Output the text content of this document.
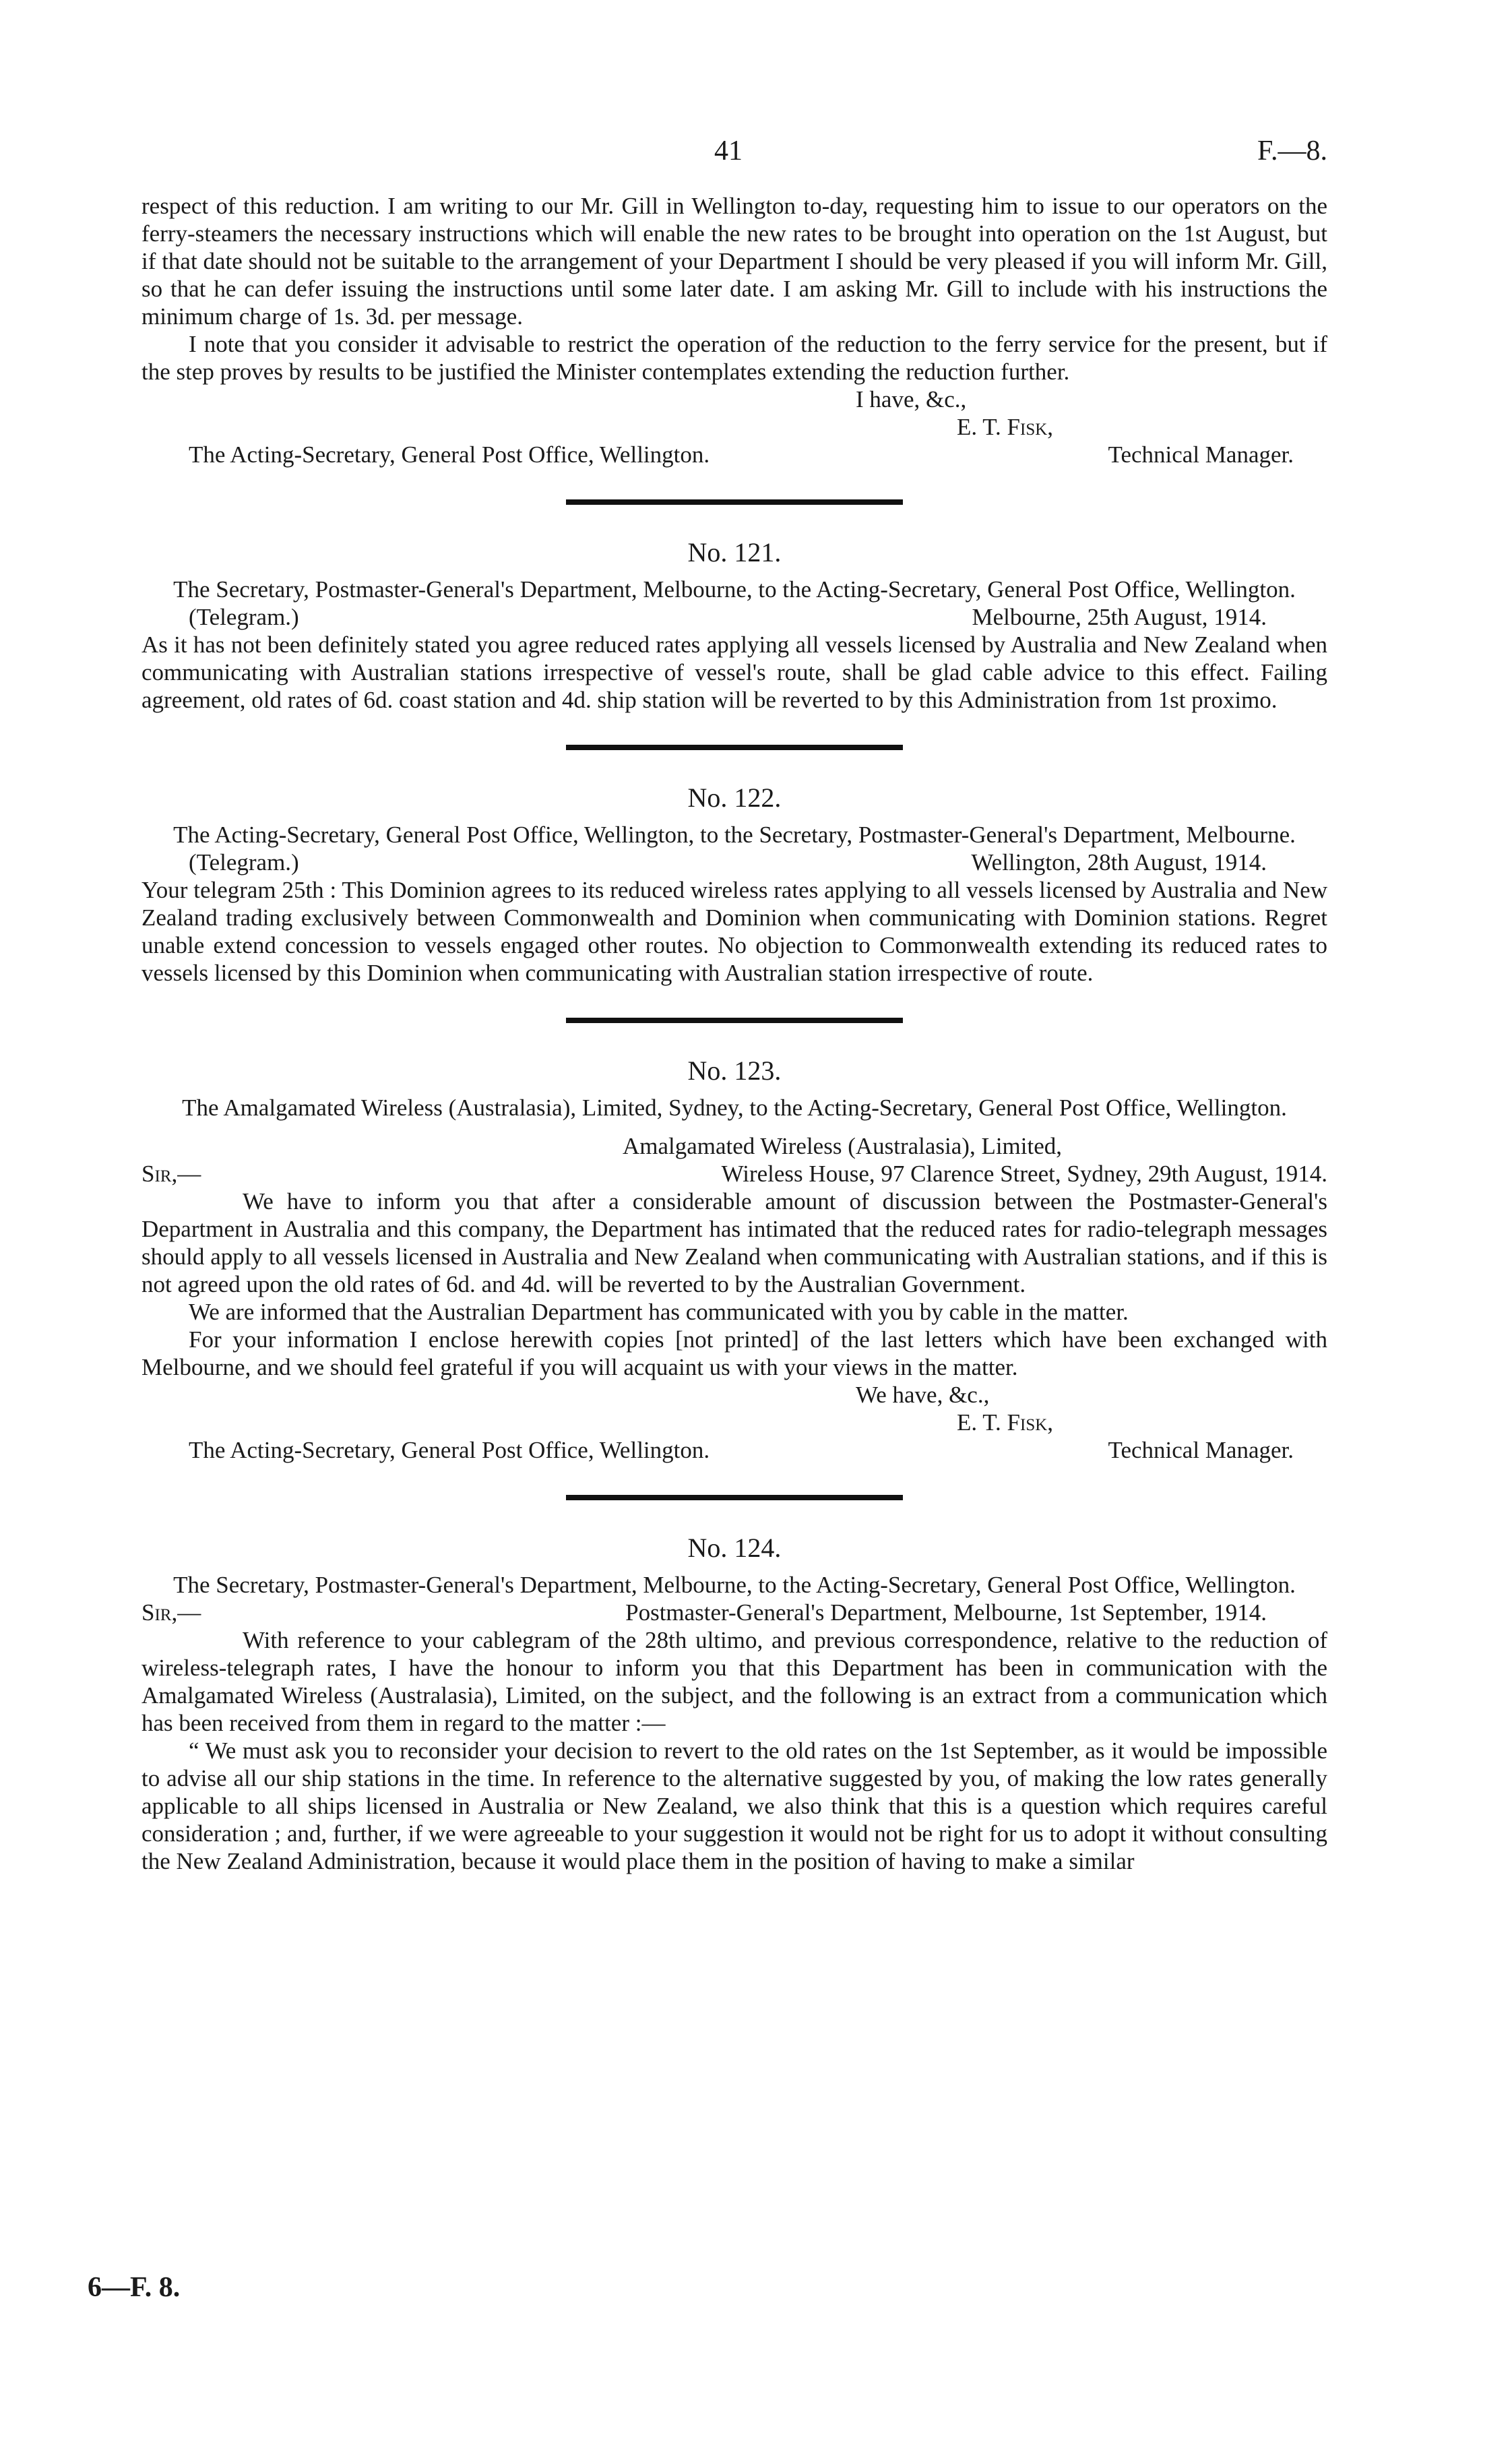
41	F.—8.

respect of this reduction. I am writing to our Mr. Gill in Wellington to-day, requesting him to issue to our operators on the ferry-steamers the necessary instructions which will enable the new rates to be brought into operation on the 1st August, but if that date should not be suitable to the arrangement of your Department I should be very pleased if you will inform Mr. Gill, so that he can defer issuing the instructions until some later date. I am asking Mr. Gill to include with his instructions the minimum charge of 1s. 3d. per message.

I note that you consider it advisable to restrict the operation of the reduction to the ferry service for the present, but if the step proves by results to be justified the Minister contemplates extending the reduction further.

I have, &c.,
E. T. Fisk,
The Acting-Secretary, General Post Office, Wellington.	Technical Manager.
No. 121.

The Secretary, Postmaster-General's Department, Melbourne, to the Acting-Secretary, General Post Office, Wellington.

(Telegram.)	Melbourne, 25th August, 1914.

As it has not been definitely stated you agree reduced rates applying all vessels licensed by Australia and New Zealand when communicating with Australian stations irrespective of vessel's route, shall be glad cable advice to this effect. Failing agreement, old rates of 6d. coast station and 4d. ship station will be reverted to by this Administration from 1st proximo.

No. 122.

The Acting-Secretary, General Post Office, Wellington, to the Secretary, Postmaster-General's Department, Melbourne.

(Telegram.)	Wellington, 28th August, 1914.

Your telegram 25th : This Dominion agrees to its reduced wireless rates applying to all vessels licensed by Australia and New Zealand trading exclusively between Commonwealth and Dominion when communicating with Dominion stations. Regret unable extend concession to vessels engaged other routes. No objection to Commonwealth extending its reduced rates to vessels licensed by this Dominion when communicating with Australian station irrespective of route.

No. 123.

The Amalgamated Wireless (Australasia), Limited, Sydney, to the Acting-Secretary, General Post Office, Wellington.

Amalgamated Wireless (Australasia), Limited,
Sir,—	Wireless House, 97 Clarence Street, Sydney, 29th August, 1914.

We have to inform you that after a considerable amount of discussion between the Postmaster-General's Department in Australia and this company, the Department has intimated that the reduced rates for radio-telegraph messages should apply to all vessels licensed in Australia and New Zealand when communicating with Australian stations, and if this is not agreed upon the old rates of 6d. and 4d. will be reverted to by the Australian Government.

We are informed that the Australian Department has communicated with you by cable in the matter.

For your information I enclose herewith copies [not printed] of the last letters which have been exchanged with Melbourne, and we should feel grateful if you will acquaint us with your views in the matter.

We have, &c.,
E. T. Fisk,
The Acting-Secretary, General Post Office, Wellington.	Technical Manager.
No. 124.

The Secretary, Postmaster-General's Department, Melbourne, to the Acting-Secretary, General Post Office, Wellington.

Sir,—	Postmaster-General's Department, Melbourne, 1st September, 1914.

With reference to your cablegram of the 28th ultimo, and previous correspondence, relative to the reduction of wireless-telegraph rates, I have the honour to inform you that this Department has been in communication with the Amalgamated Wireless (Australasia), Limited, on the subject, and the following is an extract from a communication which has been received from them in regard to the matter :—

“ We must ask you to reconsider your decision to revert to the old rates on the 1st September, as it would be impossible to advise all our ship stations in the time. In reference to the alternative suggested by you, of making the low rates generally applicable to all ships licensed in Australia or New Zealand, we also think that this is a question which requires careful consideration ; and, further, if we were agreeable to your suggestion it would not be right for us to adopt it without consulting the New Zealand Administration, because it would place them in the position of having to make a similar

6—F. 8.
